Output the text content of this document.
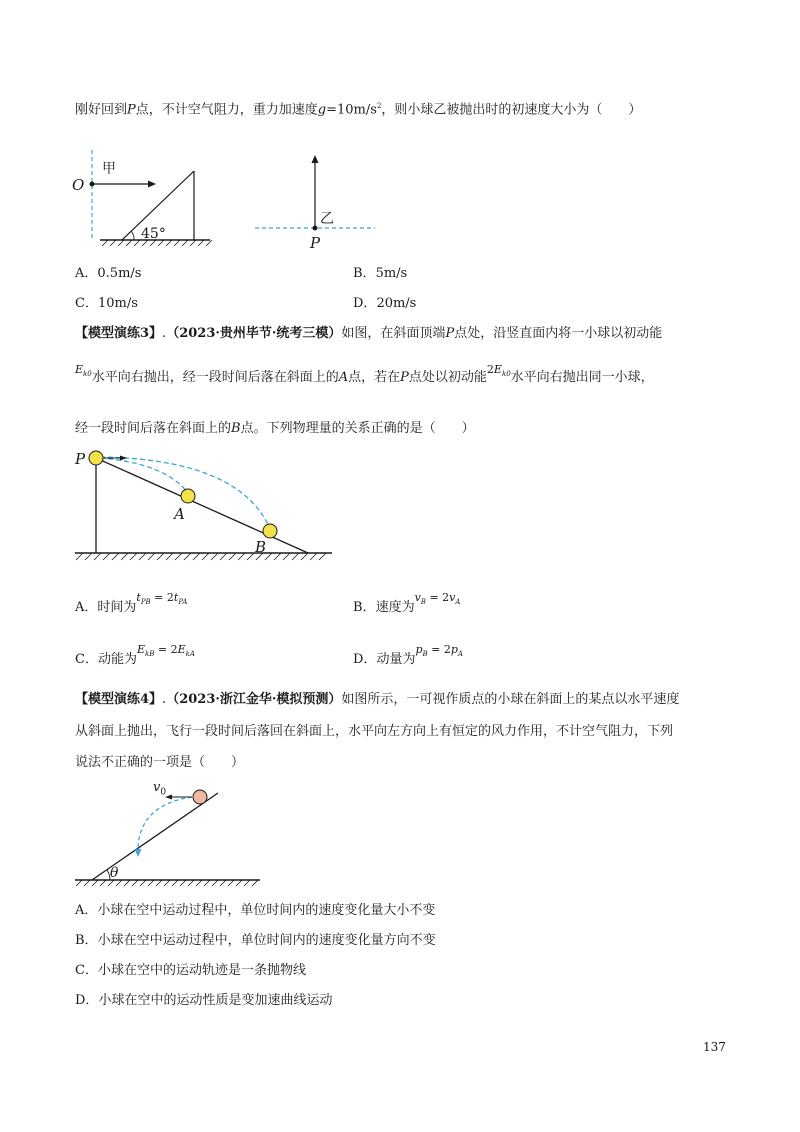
刚好回到P点，不计空气阻力，重力加速度$g=10m/s^2$，则小球乙被抛出时的初速度大小为（　　）
O
甲
45°
乙
P
A．0.5m/s	B．5m/s
C．10m/s	D．20m/s
【模型演练3】.（2023·贵州毕节·统考三模）如图，在斜面顶端P点处，沿竖直面内将一小球以初动能
$^{E_{k0}}$水平向右抛出，经一段时间后落在斜面上的A点，若在P点处以初动能$^{2E_{k0}}$水平向右抛出同一小球，
经一段时间后落在斜面上的B点。下列物理量的关系正确的是（　　）
P
A
B
A．时间为$^{t_{PB} = 2t_{PA}}$	B．速度为$^{v_B = 2v_A}$
C．动能为$^{E_{kB} = 2E_{kA}}$	D．动量为$^{p_B = 2p_A}$
【模型演练4】.（2023·浙江金华·模拟预测）如图所示，一可视作质点的小球在斜面上的某点以水平速度
从斜面上抛出，飞行一段时间后落回在斜面上，水平向左方向上有恒定的风力作用，不计空气阻力，下列
说法不正确的一项是（　　）
$v_0$
θ
A．小球在空中运动过程中，单位时间内的速度变化量大小不变
B．小球在空中运动过程中，单位时间内的速度变化量方向不变
C．小球在空中的运动轨迹是一条抛物线
D．小球在空中的运动性质是变加速曲线运动
137
